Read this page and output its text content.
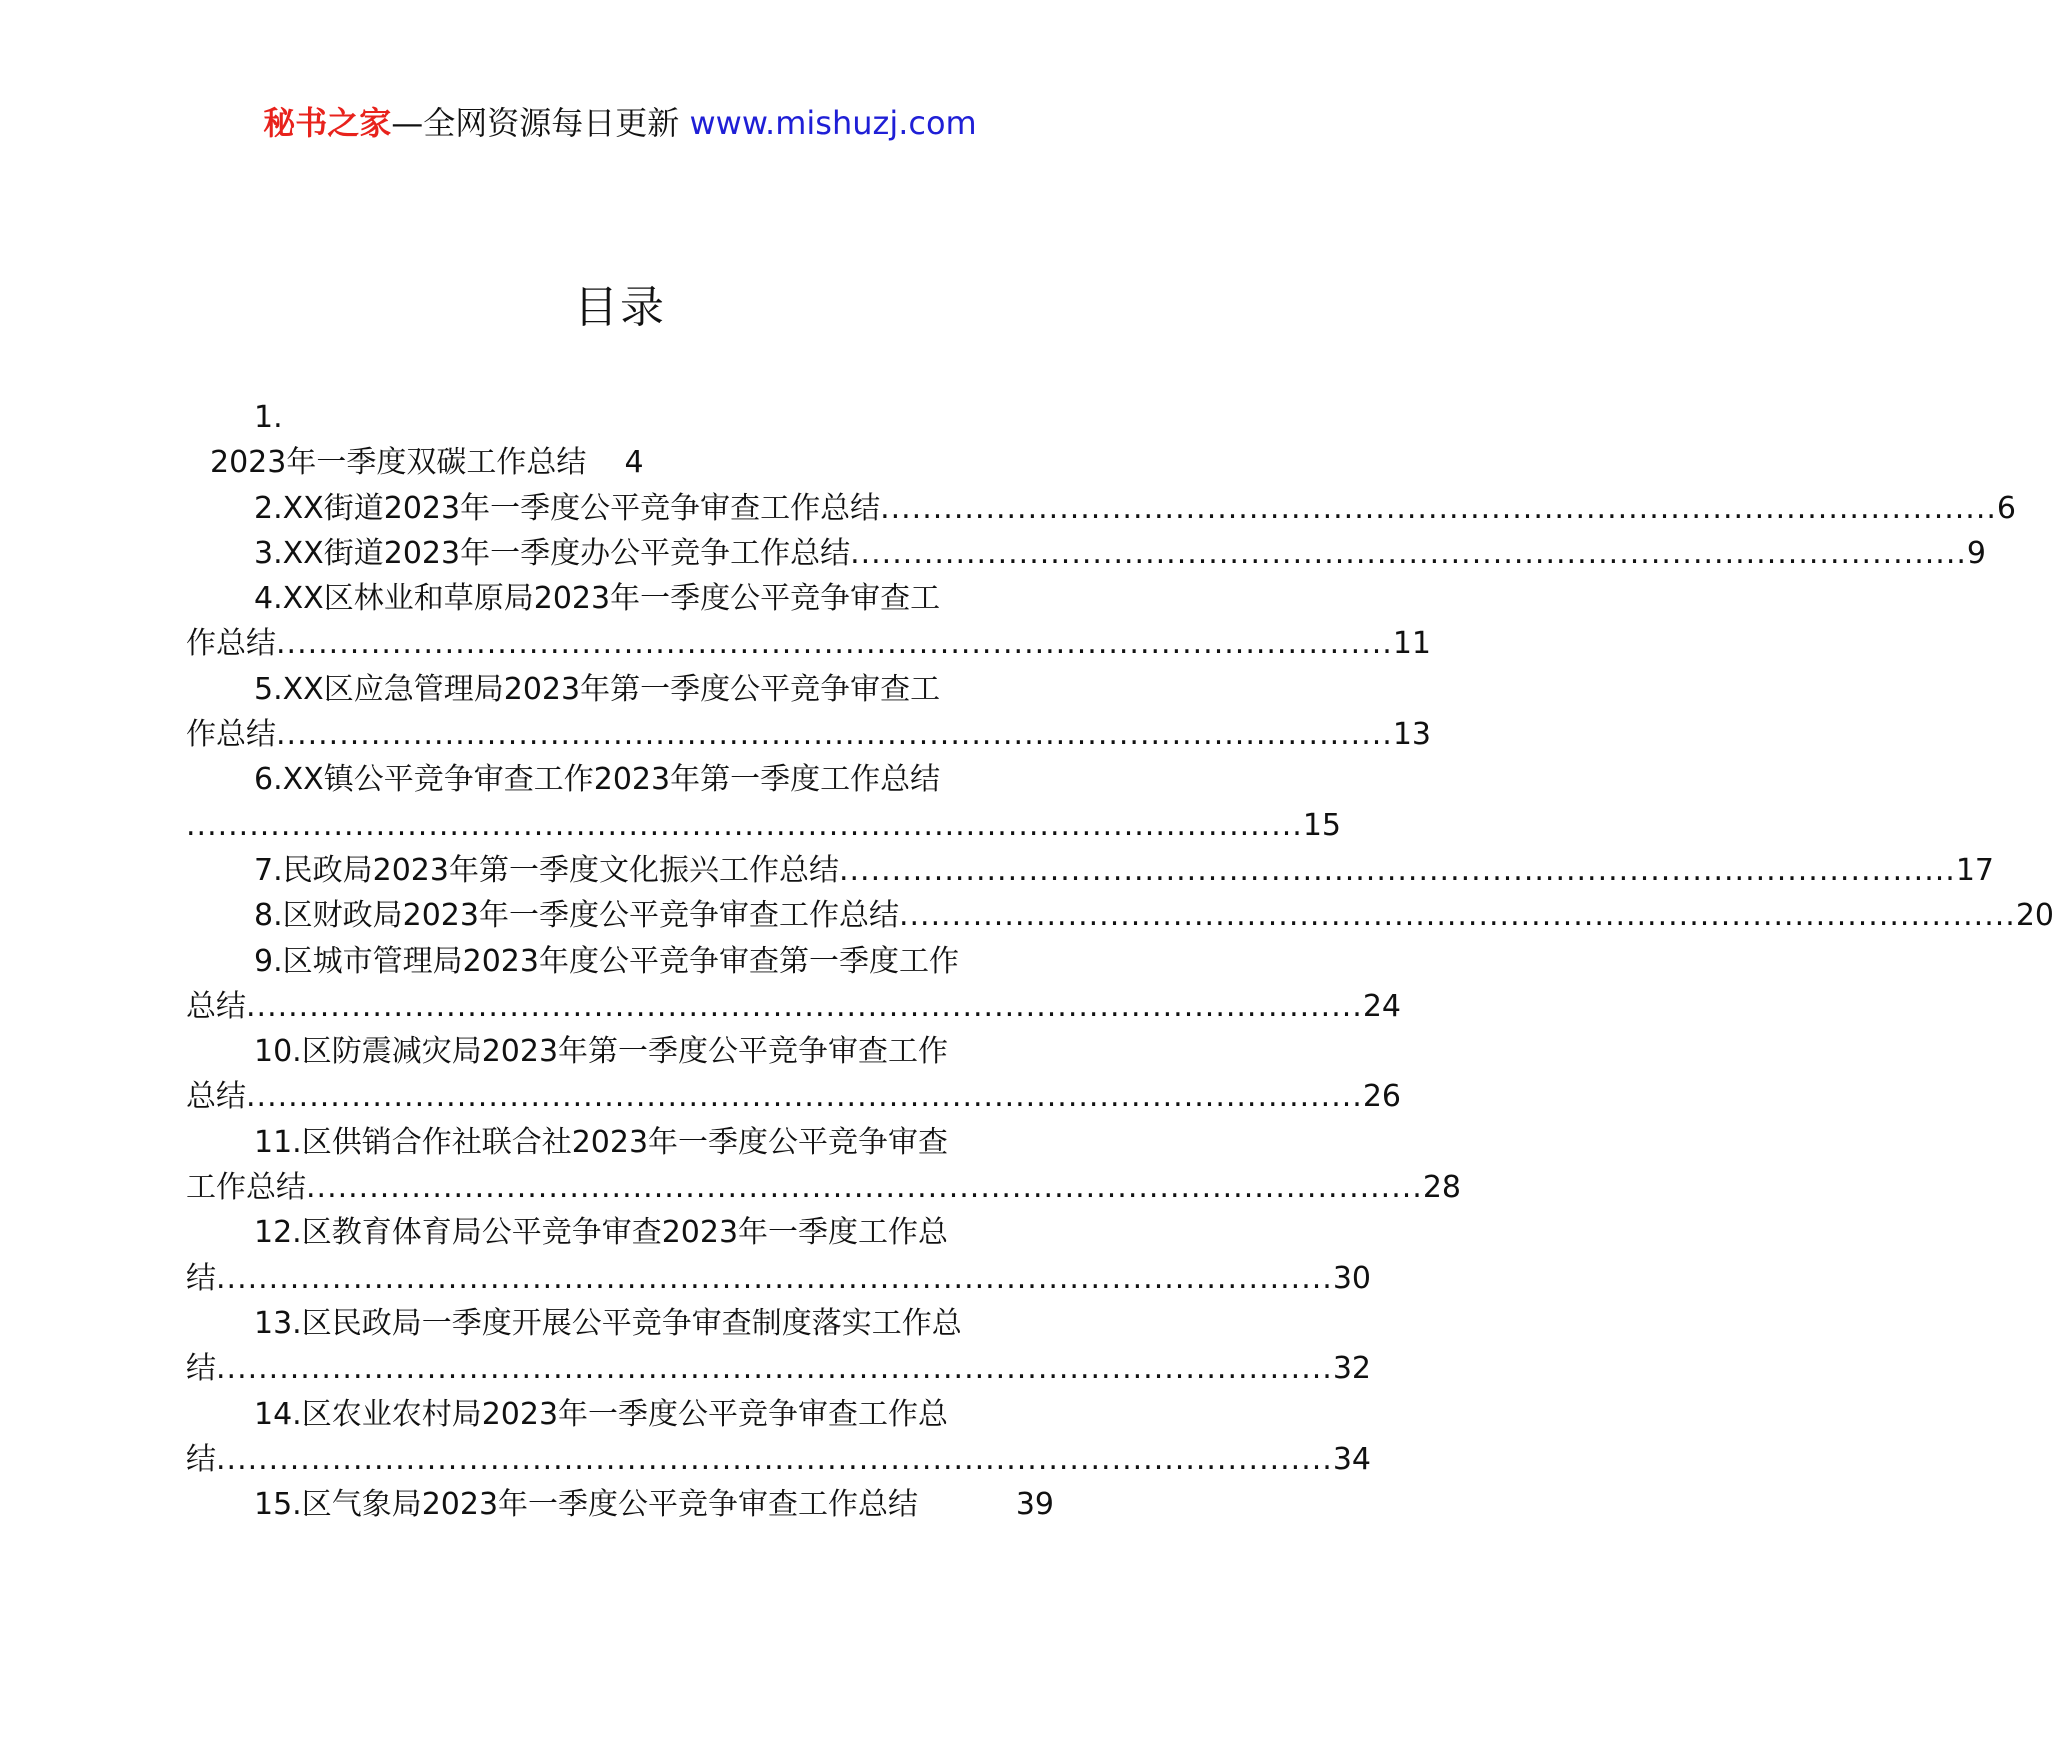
秘书之家—全网资源每日更新 www.mishuzj.com
目录
1.
2023年一季度双碳工作总结 4
2.XX街道2023年一季度公平竞争审查工作总结 .......................................................................................................... 6
3.XX街道2023年一季度办公平竞争工作总结 .......................................................................................................... 9
4.XX区林业和草原局2023年一季度公平竞争审查工
作总结 .......................................................................................................... 11
5.XX区应急管理局2023年第一季度公平竞争审查工
作总结 .......................................................................................................... 13
6.XX镇公平竞争审查工作2023年第一季度工作总结
.......................................................................................................... 15
7.民政局2023年第一季度文化振兴工作总结 .......................................................................................................... 17
8.区财政局2023年一季度公平竞争审查工作总结 .......................................................................................................... 20
9.区城市管理局2023年度公平竞争审查第一季度工作
总结 .......................................................................................................... 24
10.区防震减灾局2023年第一季度公平竞争审查工作
总结 .......................................................................................................... 26
11.区供销合作社联合社2023年一季度公平竞争审查
工作总结 .......................................................................................................... 28
12.区教育体育局公平竞争审查2023年一季度工作总
结 .......................................................................................................... 30
13.区民政局一季度开展公平竞争审查制度落实工作总
结 .......................................................................................................... 32
14.区农业农村局2023年一季度公平竞争审查工作总
结 .......................................................................................................... 34
15.区气象局2023年一季度公平竞争审查工作总结	39
